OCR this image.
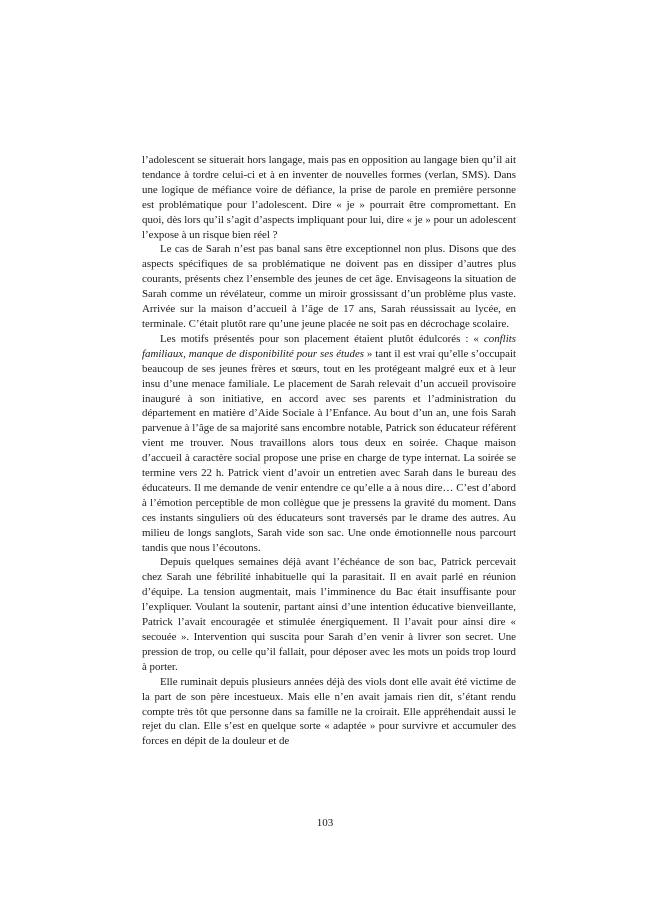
l’adolescent se situerait hors langage, mais pas en opposition au langage bien qu’il ait tendance à tordre celui-ci et à en inventer de nouvelles formes (verlan, SMS). Dans une logique de méfiance voire de défiance, la prise de parole en première personne est problématique pour l’adolescent. Dire « je » pourrait être compromettant. En quoi, dès lors qu’il s’agit d’aspects impliquant pour lui, dire « je » pour un adolescent l’expose à un risque bien réel ?

Le cas de Sarah n’est pas banal sans être exceptionnel non plus. Disons que des aspects spécifiques de sa problématique ne doivent pas en dissiper d’autres plus courants, présents chez l’ensemble des jeunes de cet âge. Envisageons la situation de Sarah comme un révélateur, comme un miroir grossissant d’un problème plus vaste. Arrivée sur la maison d’accueil à l’âge de 17 ans, Sarah réussissait au lycée, en terminale. C’était plutôt rare qu’une jeune placée ne soit pas en décrochage scolaire.

Les motifs présentés pour son placement étaient plutôt édulcorés : « conflits familiaux, manque de disponibilité pour ses études » tant il est vrai qu’elle s’occupait beaucoup de ses jeunes frères et sœurs, tout en les protégeant malgré eux et à leur insu d’une menace familiale. Le placement de Sarah relevait d’un accueil provisoire inauguré à son initiative, en accord avec ses parents et l’administration du département en matière d’Aide Sociale à l’Enfance. Au bout d’un an, une fois Sarah parvenue à l’âge de sa majorité sans encombre notable, Patrick son éducateur référent vient me trouver. Nous travaillons alors tous deux en soirée. Chaque maison d’accueil à caractère social propose une prise en charge de type internat. La soirée se termine vers 22 h. Patrick vient d’avoir un entretien avec Sarah dans le bureau des éducateurs. Il me demande de venir entendre ce qu’elle a à nous dire… C’est d’abord à l’émotion perceptible de mon collègue que je pressens la gravité du moment. Dans ces instants singuliers où des éducateurs sont traversés par le drame des autres. Au milieu de longs sanglots, Sarah vide son sac. Une onde émotionnelle nous parcourt tandis que nous l’écoutons.

Depuis quelques semaines déjà avant l’échéance de son bac, Patrick percevait chez Sarah une fébrilité inhabituelle qui la parasitait. Il en avait parlé en réunion d’équipe. La tension augmentait, mais l’imminence du Bac était insuffisante pour l’expliquer. Voulant la soutenir, partant ainsi d’une intention éducative bienveillante, Patrick l’avait encouragée et stimulée énergiquement. Il l’avait pour ainsi dire « secouée ». Intervention qui suscita pour Sarah d’en venir à livrer son secret. Une pression de trop, ou celle qu’il fallait, pour déposer avec les mots un poids trop lourd à porter.

Elle ruminait depuis plusieurs années déjà des viols dont elle avait été victime de la part de son père incestueux. Mais elle n’en avait jamais rien dit, s’étant rendu compte très tôt que personne dans sa famille ne la croirait. Elle appréhendait aussi le rejet du clan. Elle s’est en quelque sorte « adaptée » pour survivre et accumuler des forces en dépit de la douleur et de

103
